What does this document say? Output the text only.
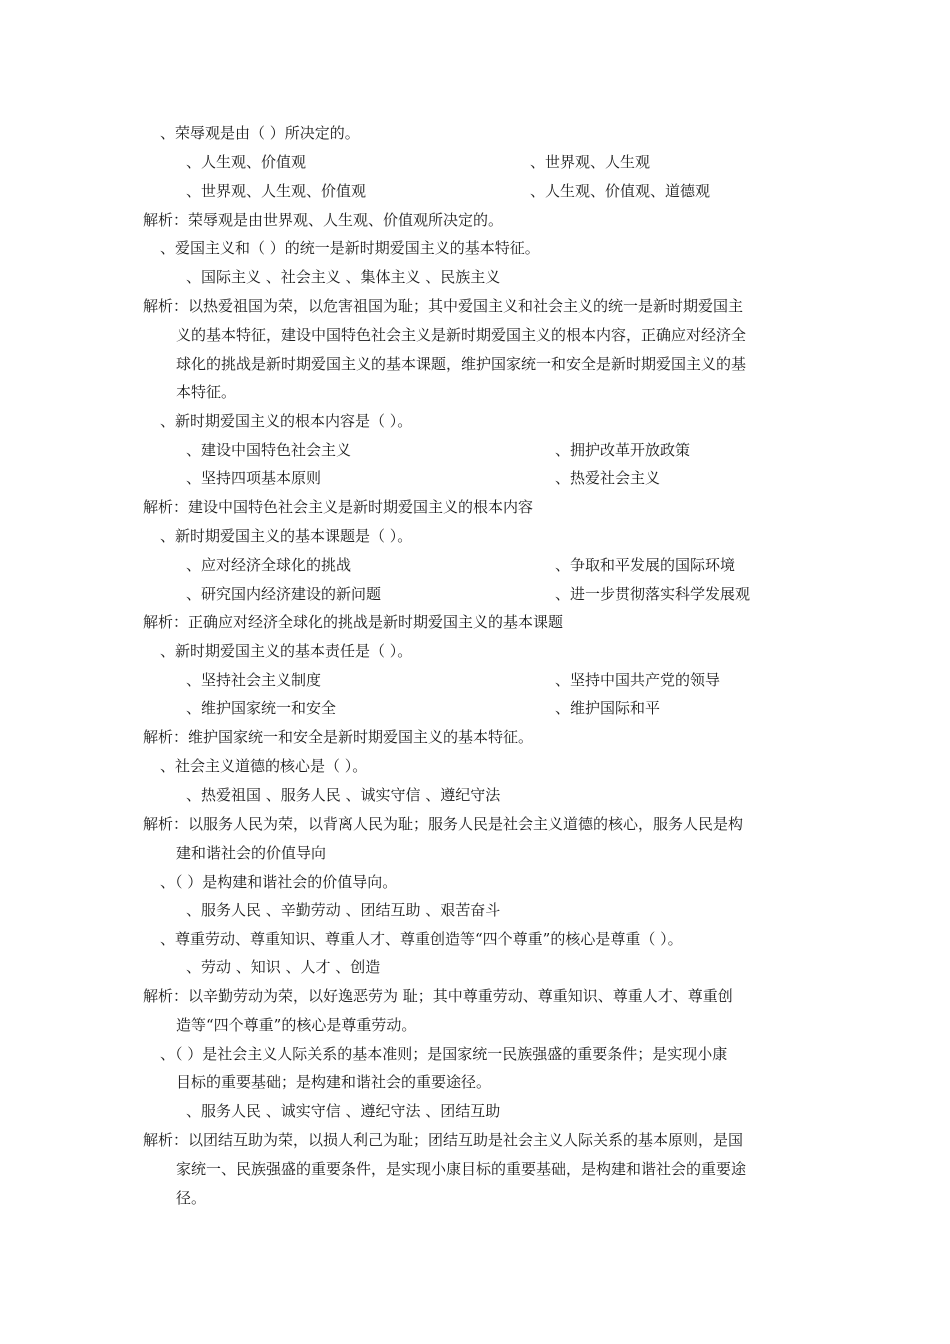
、荣辱观是由（ ）所决定的。
、人生观、价值观	、世界观、人生观
、世界观、人生观、价值观	、人生观、价值观、道德观
解析：荣辱观是由世界观、人生观、价值观所决定的。
、爱国主义和（ ）的统一是新时期爱国主义的基本特征。
、国际主义 、社会主义 、集体主义 、民族主义
解析：以热爱祖国为荣，以危害祖国为耻；其中爱国主义和社会主义的统一是新时期爱国主
义的基本特征，建设中国特色社会主义是新时期爱国主义的根本内容，正确应对经济全
球化的挑战是新时期爱国主义的基本课题，维护国家统一和安全是新时期爱国主义的基
本特征。
、新时期爱国主义的根本内容是（ ）。
、建设中国特色社会主义	、拥护改革开放政策
、坚持四项基本原则	、热爱社会主义
解析：建设中国特色社会主义是新时期爱国主义的根本内容
、新时期爱国主义的基本课题是（ ）。
、应对经济全球化的挑战	、争取和平发展的国际环境
、研究国内经济建设的新问题	、进一步贯彻落实科学发展观
解析：正确应对经济全球化的挑战是新时期爱国主义的基本课题
、新时期爱国主义的基本责任是（ ）。
、坚持社会主义制度	、坚持中国共产党的领导
、维护国家统一和安全	、维护国际和平
解析：维护国家统一和安全是新时期爱国主义的基本特征。
、社会主义道德的核心是（ ）。
、热爱祖国 、服务人民 、诚实守信 、遵纪守法
解析：以服务人民为荣，以背离人民为耻；服务人民是社会主义道德的核心，服务人民是构
建和谐社会的价值导向
、（ ）是构建和谐社会的价值导向。
、服务人民 、辛勤劳动 、团结互助 、艰苦奋斗
、尊重劳动、尊重知识、尊重人才、尊重创造等“四个尊重”的核心是尊重（ ）。
、劳动 、知识 、人才 、创造
解析：以辛勤劳动为荣，以好逸恶劳为 耻；其中尊重劳动、尊重知识、尊重人才、尊重创
造等“四个尊重”的核心是尊重劳动。
、（ ）是社会主义人际关系的基本准则；是国家统一民族强盛的重要条件；是实现小康
目标的重要基础；是构建和谐社会的重要途径。
、服务人民 、诚实守信 、遵纪守法 、团结互助
解析：以团结互助为荣，以损人利己为耻；团结互助是社会主义人际关系的基本原则，是国
家统一、民族强盛的重要条件，是实现小康目标的重要基础，是构建和谐社会的重要途
径。
